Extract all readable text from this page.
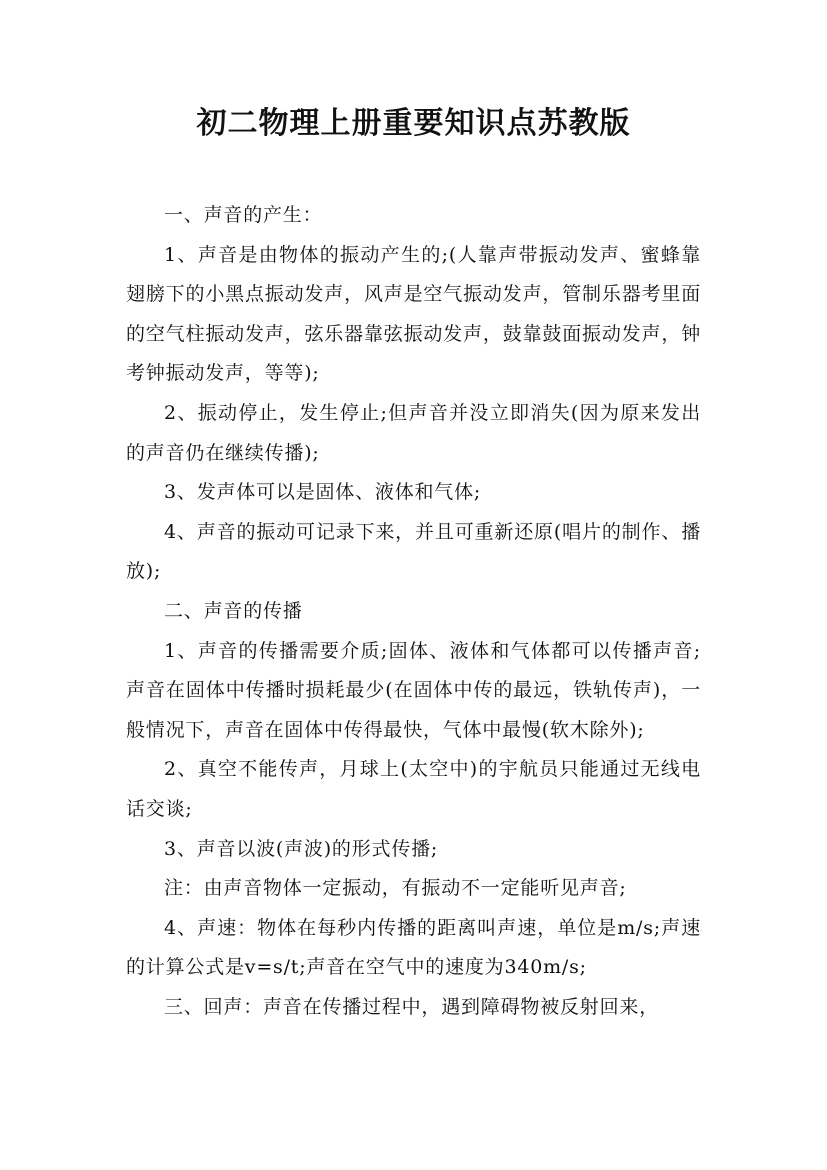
初二物理上册重要知识点苏教版

一、声音的产生：

1、声音是由物体的振动产生的;(人靠声带振动发声、蜜蜂靠翅膀下的小黑点振动发声，风声是空气振动发声，管制乐器考里面的空气柱振动发声，弦乐器靠弦振动发声，鼓靠鼓面振动发声，钟考钟振动发声，等等);

2、振动停止，发生停止;但声音并没立即消失(因为原来发出的声音仍在继续传播);

3、发声体可以是固体、液体和气体;

4、声音的振动可记录下来，并且可重新还原(唱片的制作、播放);

二、声音的传播

1、声音的传播需要介质;固体、液体和气体都可以传播声音;声音在固体中传播时损耗最少(在固体中传的最远，铁轨传声)，一般情况下，声音在固体中传得最快，气体中最慢(软木除外);

2、真空不能传声，月球上(太空中)的宇航员只能通过无线电话交谈;

3、声音以波(声波)的形式传播;

注：由声音物体一定振动，有振动不一定能听见声音;

4、声速：物体在每秒内传播的距离叫声速，单位是m/s;声速的计算公式是v=s/t;声音在空气中的速度为340m/s;

三、回声：声音在传播过程中，遇到障碍物被反射回来，
